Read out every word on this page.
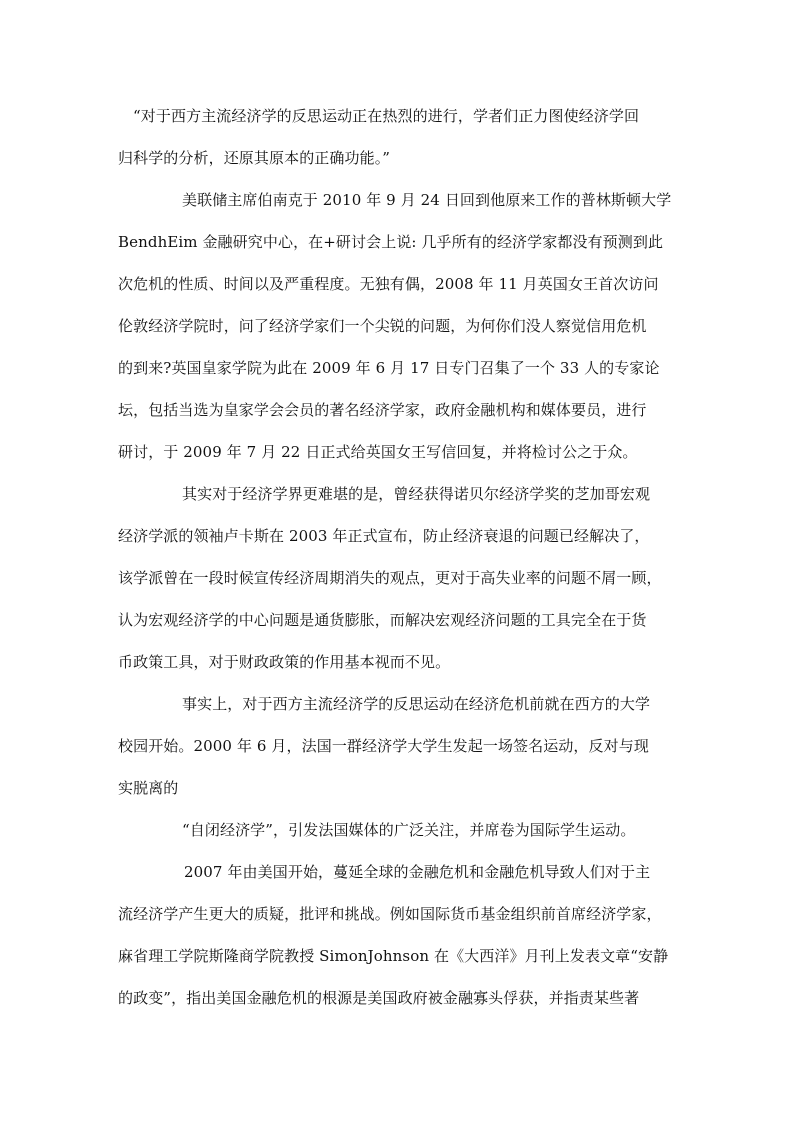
“对于西方主流经济学的反思运动正在热烈的进行，学者们正力图使经济学回
归科学的分析，还原其原本的正确功能。”
美联储主席伯南克于 2010 年 9 月 24 日回到他原来工作的普林斯顿大学
BendhEim 金融研究中心，在+研讨会上说: 几乎所有的经济学家都没有预测到此
次危机的性质、时间以及严重程度。无独有偶，2008 年 11 月英国女王首次访问
伦敦经济学院时，问了经济学家们一个尖锐的问题，为何你们没人察觉信用危机
的到来?英国皇家学院为此在 2009 年 6 月 17 日专门召集了一个 33 人的专家论
坛，包括当选为皇家学会会员的著名经济学家，政府金融机构和媒体要员，进行
研讨，于 2009 年 7 月 22 日正式给英国女王写信回复，并将检讨公之于众。
其实对于经济学界更难堪的是，曾经获得诺贝尔经济学奖的芝加哥宏观
经济学派的领袖卢卡斯在 2003 年正式宣布，防止经济衰退的问题已经解决了，
该学派曾在一段时候宣传经济周期消失的观点，更对于高失业率的问题不屑一顾，
认为宏观经济学的中心问题是通货膨胀，而解决宏观经济问题的工具完全在于货
币政策工具，对于财政政策的作用基本视而不见。
事实上，对于西方主流经济学的反思运动在经济危机前就在西方的大学
校园开始。2000 年 6 月，法国一群经济学大学生发起一场签名运动，反对与现
实脱离的
“自闭经济学”，引发法国媒体的广泛关注，并席卷为国际学生运动。
2007 年由美国开始，蔓延全球的金融危机和金融危机导致人们对于主
流经济学产生更大的质疑，批评和挑战。例如国际货币基金组织前首席经济学家，
麻省理工学院斯隆商学院教授 SimonJohnson 在《大西洋》月刊上发表文章“安静
的政变”，指出美国金融危机的根源是美国政府被金融寡头俘获，并指责某些著
